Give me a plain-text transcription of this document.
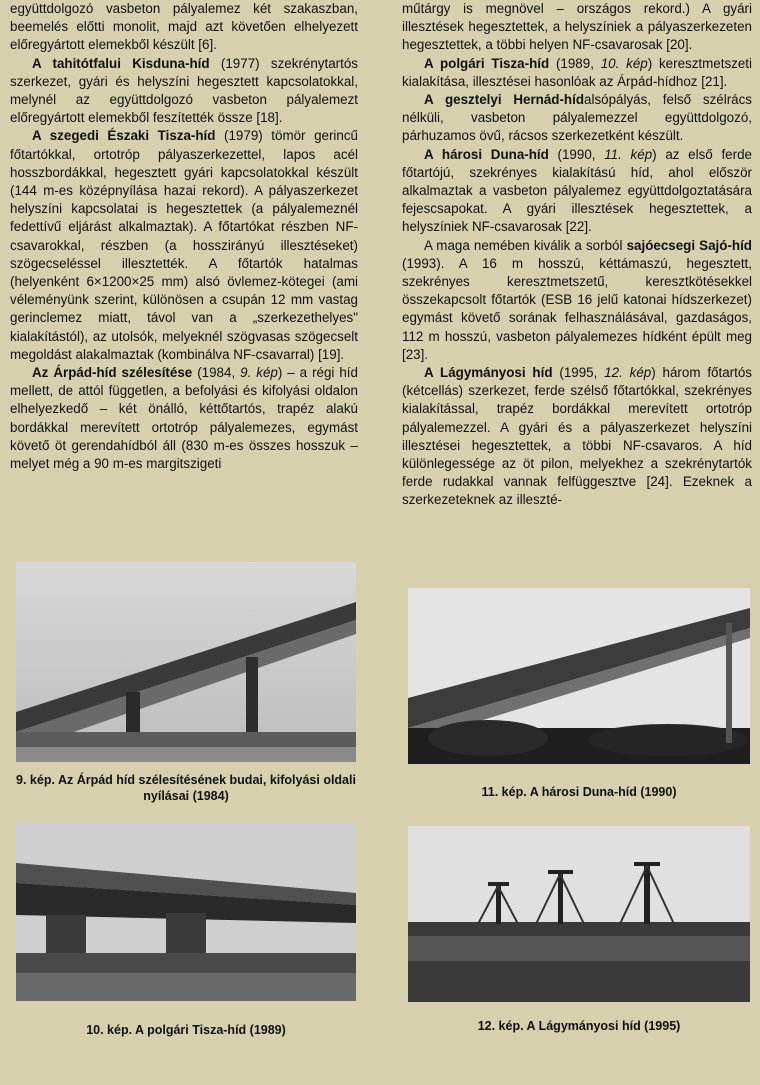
együttdolgozó vasbeton pályalemez két szakaszban, beemelés előtti monolit, majd azt követően elhelyezett előregyártott elemekből készült [6].

A tahitótfalui Kisduna-híd (1977) szekrénytartós szerkezet, gyári és helyszíni hegesztett kapcsolatokkal, melynél az együttdolgozó vasbeton pályalemezt előregyártott elemekből feszítették össze [18].

A szegedi Északi Tisza-híd (1979) tömör gerincű főtartókkal, ortotróp pályaszerkezettel, lapos acél hosszbordákkal, hegesztett gyári kapcsolatokkal készült (144 m-es középnyílása hazai rekord). A pályaszerkezet helyszíni kapcsolatai is hegesztettek (a pályalemeznél fedettívű eljárást alkalmaztak). A főtartókat részben NF-csavarokkal, részben (a hosszirányú illesztéseket) szögecseléssel illesztették. A főtartók hatalmas (helyenként 6×1200×25 mm) alsó övlemez-kötegei (ami véleményünk szerint, különösen a csupán 12 mm vastag gerinclemez miatt, távol van a „szerkezethelyes" kialakítástól), az utolsók, melyeknél szögvasas szögecselt megoldást alakalmaztak (kombinálva NF-csavarral) [19].

Az Árpád-híd szélesítése (1984, 9. kép) – a régi híd mellett, de attól független, a befolyási és kifolyási oldalon elhelyezkedő – két önálló, kéttőtartós, trapéz alakú bordákkal merevített ortotróp pályalemezes, egymást követő öt gerendahídból áll (830 m-es összes hosszuk – melyet még a 90 m-es margitszigeti

műtárgy is megnövel – országos rekord.) A gyári illesztések hegesztettek, a helyszíniek a pályaszerkezeten hegesztettek, a többi helyen NF-csavarosak [20].

A polgári Tisza-híd (1989, 10. kép) keresztmetszeti kialakítása, illesztései hasonlóak az Árpád-hídhoz [21].

A gesztelyi Hernád-hídalsópályás, felső szélrács nélküli, vasbeton pályalemezzel együttdolgozó, párhuzamos övű, rácsos szerkezetként készült.

A hárosi Duna-híd (1990, 11. kép) az első ferde főtartójú, szekrényes kialakítású híd, ahol először alkalmaztak a vasbeton pályalemez együttdolgoztatására fejescsapokat. A gyári illesztések hegesztettek, a helyszíniek NF-csavarosak [22].

A maga nemében kiválik a sorból sajóecsegi Sajó-híd (1993). A 16 m hosszú, kéttámaszú, hegesztett, szekrényes keresztmetszetű, keresztkötésekkel összekapcsolt főtartók (ESB 16 jelű katonai hídszerkezet) egymást követő sorának felhasználásával, gazdaságos, 112 m hosszú, vasbeton pályalemezes hídként épült meg [23].

A Lágymányosi híd (1995, 12. kép) három főtartós (kétcellás) szerkezet, ferde szélső főtartókkal, szekrényes kialakítással, trapéz bordákkal merevített ortotróp pályalemezzel. A gyári és a pályaszerkezet helyszíni illesztései hegesztettek, a többi NF-csavaros. A híd különlegessége az öt pilon, melyekhez a szekrénytartók ferde rudakkal vannak felfüggesztve [24]. Ezeknek a szerkezeteknek az illeszté-

9. kép. Az Árpád híd szélesítésének budai, kifolyási oldali nyílásai (1984)	11. kép. A hárosi Duna-híd (1990)
10. kép. A polgári Tisza-híd (1989)	12. kép. A Lágymányosi híd (1995)
